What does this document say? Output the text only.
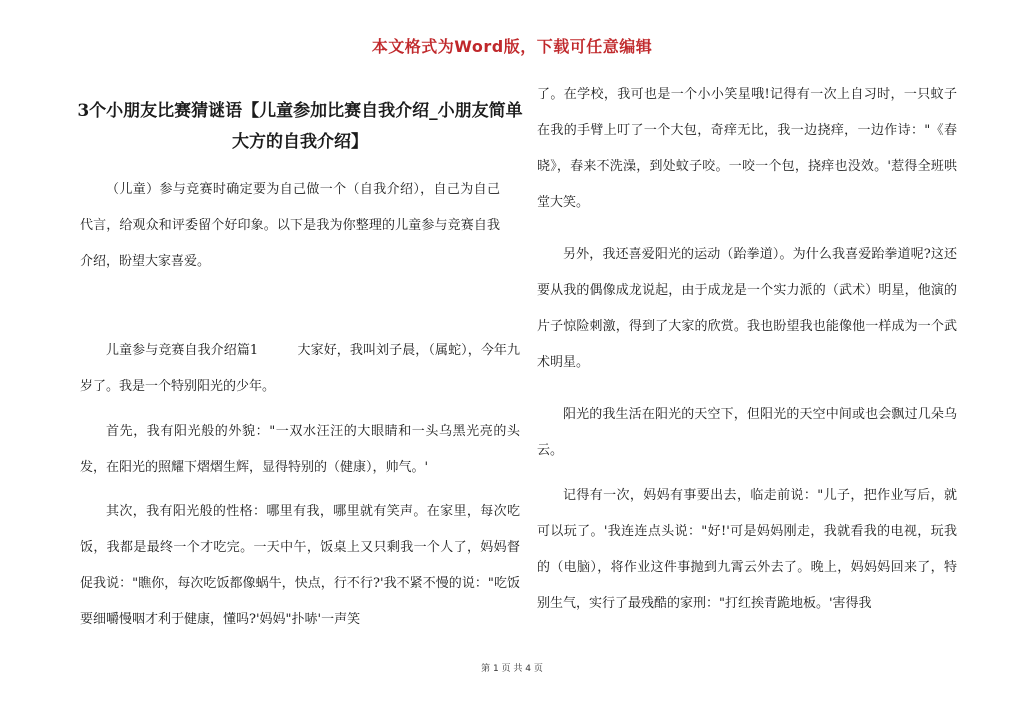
本文格式为Word版，下载可任意编辑
3个小朋友比赛猜谜语【儿童参加比赛自我介绍_小朋友简单大方的自我介绍】

（儿童）参与竞赛时确定要为自己做一个（自我介绍），自己为自己代言，给观众和评委留个好印象。以下是我为你整理的儿童参与竞赛自我介绍，盼望大家喜爱。

儿童参与竞赛自我介绍篇1　　　大家好，我叫刘子晨，（属蛇），今年九岁了。我是一个特别阳光的少年。

首先，我有阳光般的外貌："一双水汪汪的大眼睛和一头乌黑光亮的头发，在阳光的照耀下熠熠生辉，显得特别的（健康），帅气。'

其次，我有阳光般的性格：哪里有我，哪里就有笑声。在家里，每次吃饭，我都是最终一个才吃完。一天中午，饭桌上又只剩我一个人了，妈妈督促我说："瞧你，每次吃饭都像蜗牛，快点，行不行?'我不紧不慢的说："吃饭要细嚼慢咽才利于健康，懂吗?'妈妈"扑哧'一声笑

了。在学校，我可也是一个小小笑星哦!记得有一次上自习时，一只蚊子在我的手臂上叮了一个大包，奇痒无比，我一边挠痒，一边作诗："《春晓》，春来不洗澡，到处蚊子咬。一咬一个包，挠痒也没效。'惹得全班哄堂大笑。

另外，我还喜爱阳光的运动（跆拳道）。为什么我喜爱跆拳道呢?这还要从我的偶像成龙说起，由于成龙是一个实力派的（武术）明星，他演的片子惊险刺激，得到了大家的欣赏。我也盼望我也能像他一样成为一个武术明星。

阳光的我生活在阳光的天空下，但阳光的天空中间或也会飘过几朵乌云。

记得有一次，妈妈有事要出去，临走前说："儿子，把作业写后，就可以玩了。'我连连点头说："好!'可是妈妈刚走，我就看我的电视，玩我的（电脑），将作业这件事抛到九霄云外去了。晚上，妈妈妈回来了，特别生气，实行了最残酷的家刑："打红挨青跪地板。'害得我

第 1 页 共 4 页
